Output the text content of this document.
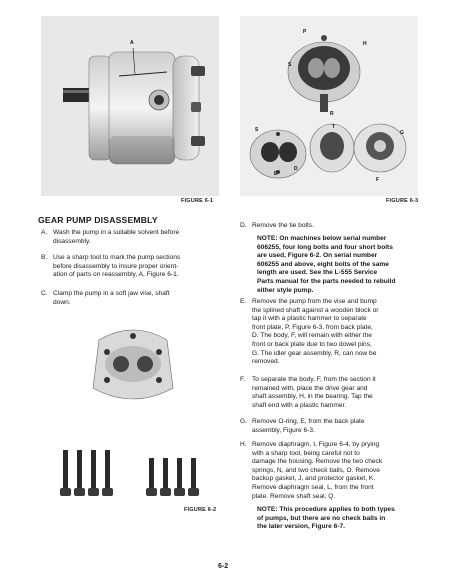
A
FIGURE 6-1
P
H
S
R
T
S	G
E
D
F
FIGURE 6-3
GEAR PUMP DISASSEMBLY
A. Wash the pump in a suitable solvent before
disassembly.
B. Use a sharp tool to mark the pump sections
before disassembly to insure proper orient-
ation of parts on reassembly, A, Figure 6-1.
C. Clamp the pump in a soft jaw vise, shaft
down.
FIGURE 6-2
D. Remove the tie bolts.
NOTE: On machines below serial number
606255, four long bolts and four short bolts
are used, Figure 6-2. On serial number
606255 and above, eight bolts of the same
length are used. See the L-555 Service
Parts manual for the parts needed to rebuild
either style pump.
E. Remove the pump from the vise and bump
the splined shaft against a wooden block or
tap it with a plastic hammer to separate
front plate, P, Figure 6-3, from back plate,
D. The body, F, will remain with either the
front or back plate due to two dowel pins,
G. The idler gear assembly, R, can now be
removed.
F. To separate the body, F, from the section it
remained with, place the drive gear and
shaft assembly, H, in the bearing. Tap the
shaft end with a plastic hammer.
G. Remove O-ring, E, from the back plate
assembly, Figure 6-3.
H. Remove diaphragm, I, Figure 6-4, by prying
with a sharp tool, being careful not to
damage the housing. Remove the two check
springs, N, and two check balls, O. Remove
backup gasket, J, and protector gasket, K.
Remove diaphragm seal, L, from the front
plate. Remove shaft seal, Q.
NOTE: This procedure applies to both types
of pumps, but there are no check balls in
the later version, Figure 6-7.
6-2
